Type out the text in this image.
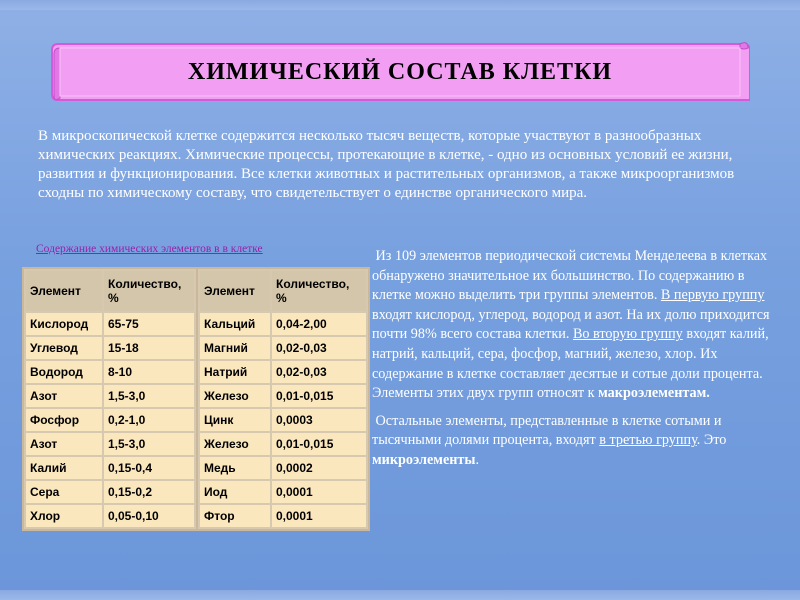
ХИМИЧЕСКИЙ СОСТАВ КЛЕТКИ
В микроскопической клетке содержится несколько тысяч веществ, которые участвуют в разнообразных химических реакциях. Химические процессы, протекающие в клетке, - одно из основных условий ее жизни, развития и функционирования. Все клетки животных и растительных организмов, а также микроорганизмов сходны по химическому составу, что свидетельствует о единстве органического мира.
Содержание химических элементов в в клетке
Элемент	Количество, %
Кислород	65-75
Углевод	15-18
Водород	8-10
Азот	1,5-3,0
Фосфор	0,2-1,0
Азот	1,5-3,0
Калий	0,15-0,4
Сера	0,15-0,2
Хлор	0,05-0,10
Элемент	Количество, %
Кальций	0,04-2,00
Магний	0,02-0,03
Натрий	0,02-0,03
Железо	0,01-0,015
Цинк	0,0003
Железо	0,01-0,015
Медь	0,0002
Иод	0,0001
Фтор	0,0001

Из 109 элементов периодической системы Менделеева в клетках обнаружено значительное их большинство. По содержанию в клетке можно выделить три группы элементов. В первую группу входят кислород, углерод, водород и азот. На их долю приходится почти 98% всего состава клетки. Во вторую группу входят калий, натрий, кальций, сера, фосфор, магний, железо, хлор. Их содержание в клетке составляет десятые и сотые доли процента. Элементы этих двух групп относят к макроэлементам.

Остальные элементы, представленные в клетке сотыми и тысячными долями процента, входят в третью группу. Это микроэлементы.
